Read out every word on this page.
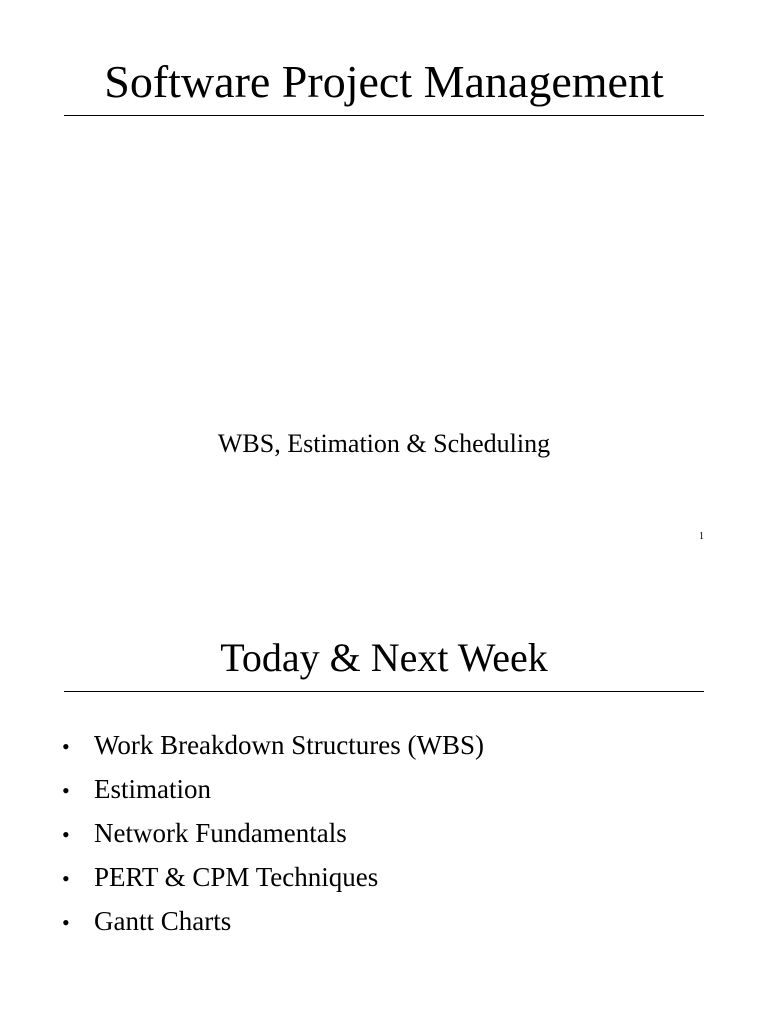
Software Project Management
WBS, Estimation & Scheduling
1
Today & Next Week
• Work Breakdown Structures (WBS)
• Estimation
• Network Fundamentals
• PERT & CPM Techniques
• Gantt Charts
